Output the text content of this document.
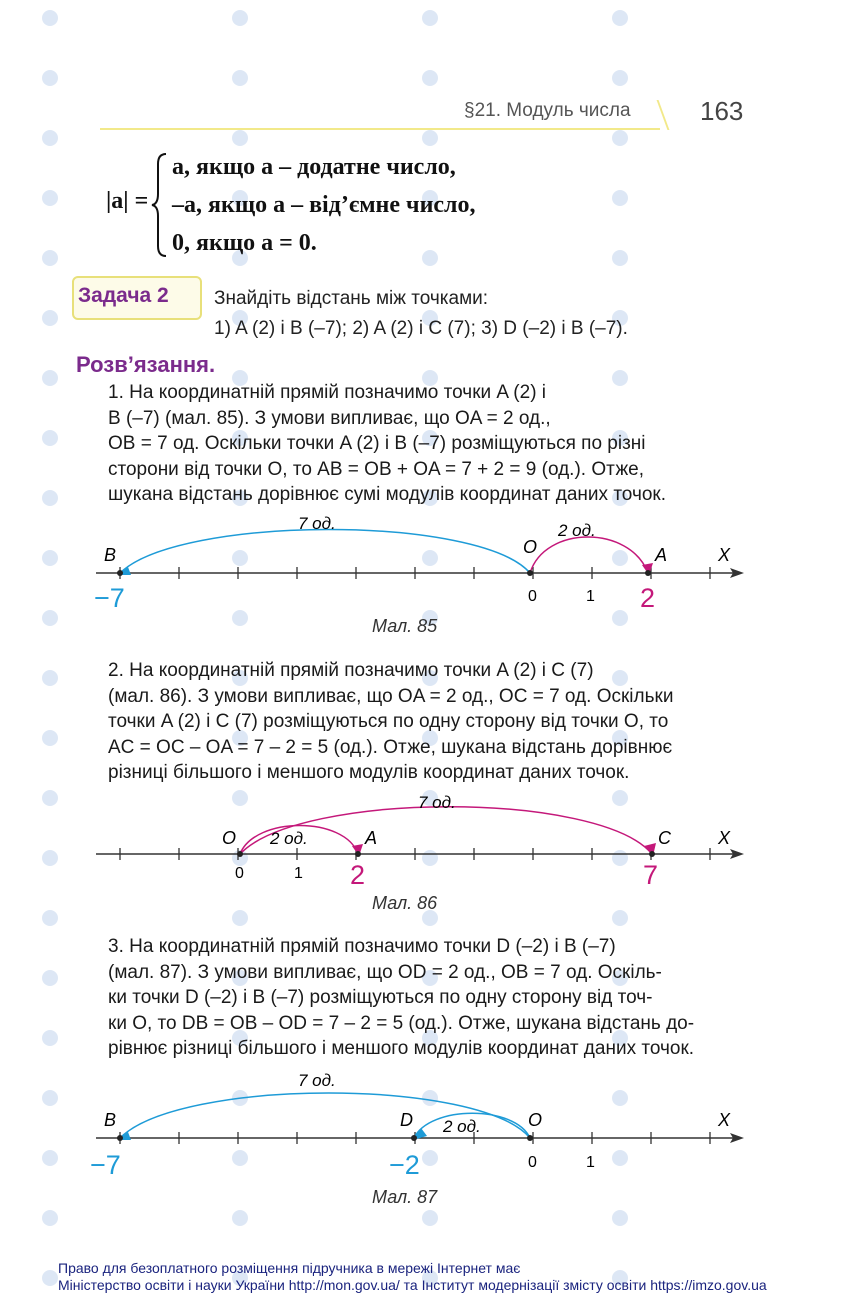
§21. Модуль числа	163
|a| =
a, якщо a – додатне число,
–a, якщо a – від’ємне число,
0, якщо a = 0.
Задача 2 Знайдіть відстань між точками:
1) A (2) і B (–7); 2) A (2) і C (7); 3) D (–2) і B (–7).
Розв’язання.
1. На координатній прямій позначимо точки A (2) і
B (–7) (мал. 85). З умови випливає, що OA = 2 од.,
OB = 7 од. Оскільки точки A (2) і B (–7) розміщуються по різні
сторони від точки O, то AB = OB + OA = 7 + 2 = 9 (од.). Отже,
шукана відстань дорівнює сумі модулів координат даних точок.
7 од.	2 од.
B	O	A	X
−7	0	1 2
Мал. 85
2. На координатній прямій позначимо точки A (2) і C (7)
(мал. 86). З умови випливає, що OA = 2 од., OC = 7 од. Оскільки
точки A (2) і C (7) розміщуються по одну сторону від точки O, то
AC = OC – OA = 7 – 2 = 5 (од.). Отже, шукана відстань дорівнює
різниці більшого і меншого модулів координат даних точок.
7 од.
2 од.
O	A	C	X
0	1 2	7
Мал. 86
3. На координатній прямій позначимо точки D (–2) і B (–7)
(мал. 87). З умови випливає, що OD = 2 од., OB = 7 од. Оскіль-
ки точки D (–2) і B (–7) розміщуються по одну сторону від точ-
ки O, то DB = OB – OD = 7 – 2 = 5 (од.). Отже, шукана відстань до-
рівнює різниці більшого і меншого модулів координат даних точок.
7 од.
2 од.
B	D	O	X
−7	−2	0	1
Мал. 87
Право для безоплатного розміщення підручника в мережі Інтернет має
Міністерство освіти і науки України http://mon.gov.ua/ та Інститут модернізації змісту освіти https://imzo.gov.ua
